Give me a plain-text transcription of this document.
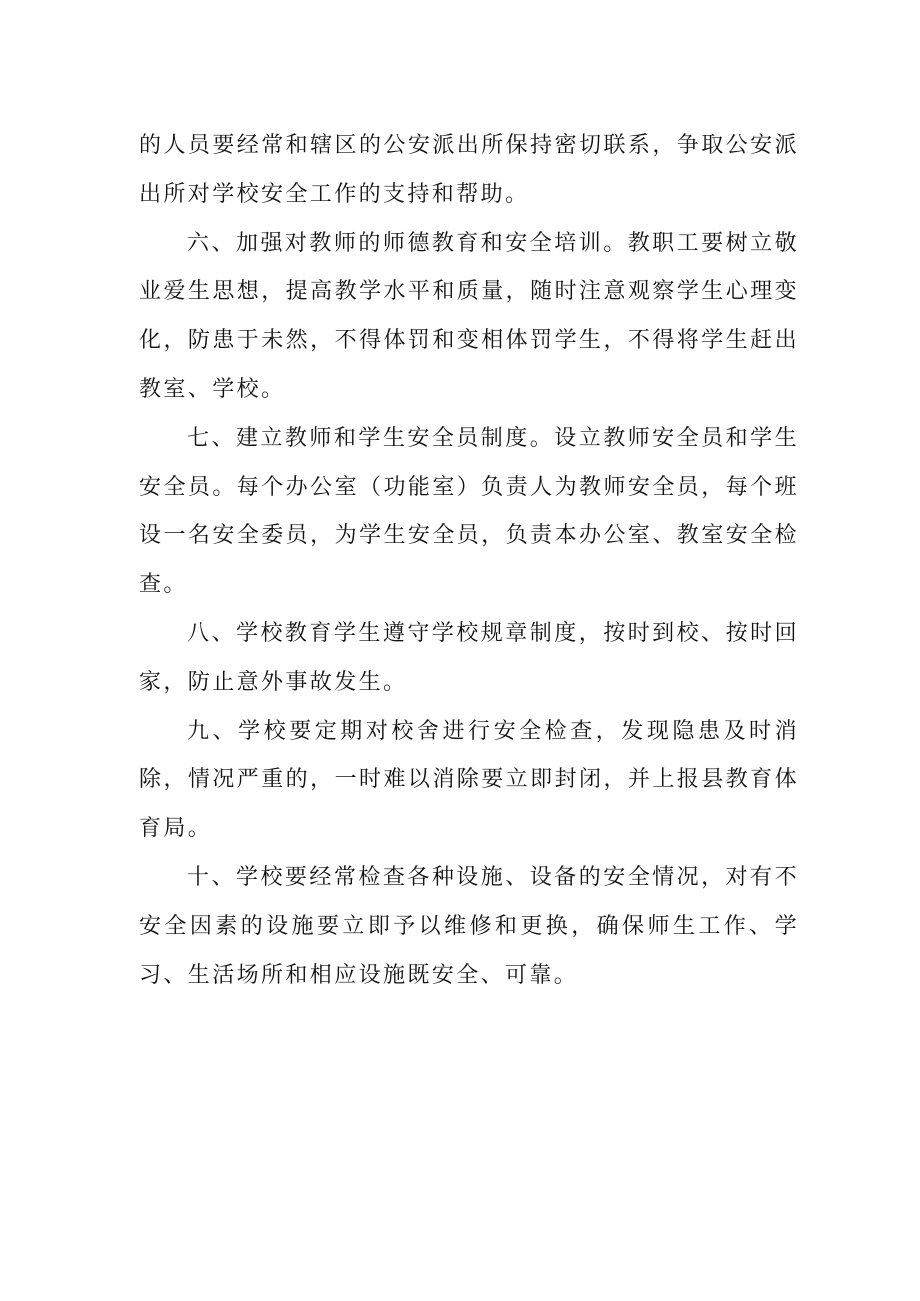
的人员要经常和辖区的公安派出所保持密切联系，争取公安派出所对学校安全工作的支持和帮助。

六、加强对教师的师德教育和安全培训。教职工要树立敬业爱生思想，提高教学水平和质量，随时注意观察学生心理变化，防患于未然，不得体罚和变相体罚学生，不得将学生赶出教室、学校。

七、建立教师和学生安全员制度。设立教师安全员和学生安全员。每个办公室（功能室）负责人为教师安全员，每个班设一名安全委员，为学生安全员，负责本办公室、教室安全检查。

八、学校教育学生遵守学校规章制度，按时到校、按时回家，防止意外事故发生。

九、学校要定期对校舍进行安全检查，发现隐患及时消除，情况严重的，一时难以消除要立即封闭，并上报县教育体育局。

十、学校要经常检查各种设施、设备的安全情况，对有不安全因素的设施要立即予以维修和更换，确保师生工作、学习、生活场所和相应设施既安全、可靠。
